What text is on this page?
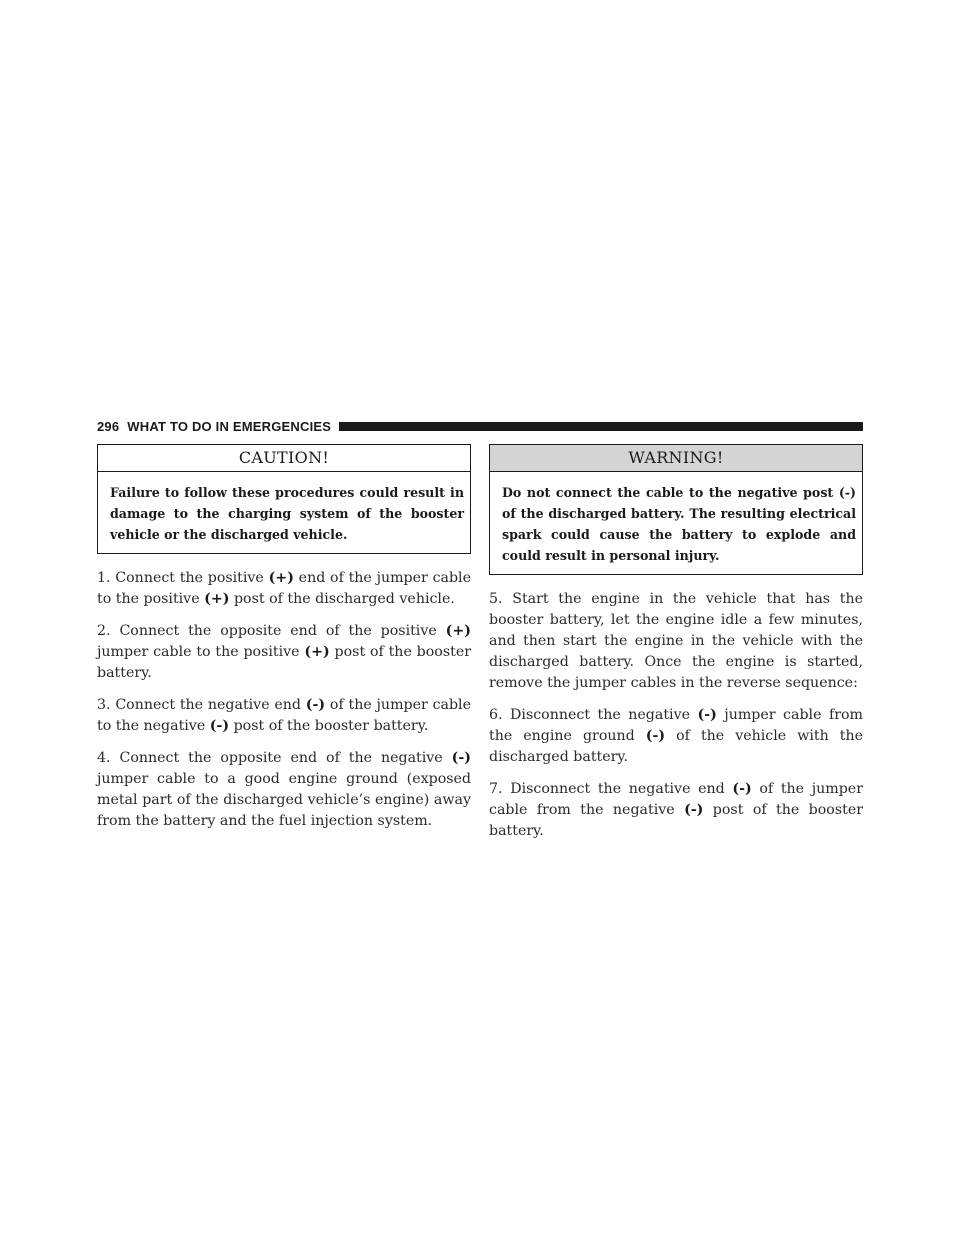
296 WHAT TO DO IN EMERGENCIES
CAUTION!
Failure to follow these procedures could result in damage to the charging system of the booster vehicle or the discharged vehicle.

1. Connect the positive (+) end of the jumper cable to the positive (+) post of the discharged vehicle.

2. Connect the opposite end of the positive (+) jumper cable to the positive (+) post of the booster battery.

3. Connect the negative end (-) of the jumper cable to the negative (-) post of the booster battery.

4. Connect the opposite end of the negative (-) jumper cable to a good engine ground (exposed metal part of the discharged vehicle’s engine) away from the battery and the fuel injection system.

WARNING!
Do not connect the cable to the negative post (-) of the discharged battery. The resulting electrical spark could cause the battery to explode and could result in personal injury.

5. Start the engine in the vehicle that has the booster battery, let the engine idle a few minutes, and then start the engine in the vehicle with the discharged battery. Once the engine is started, remove the jumper cables in the reverse sequence:

6. Disconnect the negative (-) jumper cable from the engine ground (-) of the vehicle with the discharged battery.

7. Disconnect the negative end (-) of the jumper cable from the negative (-) post of the booster battery.
